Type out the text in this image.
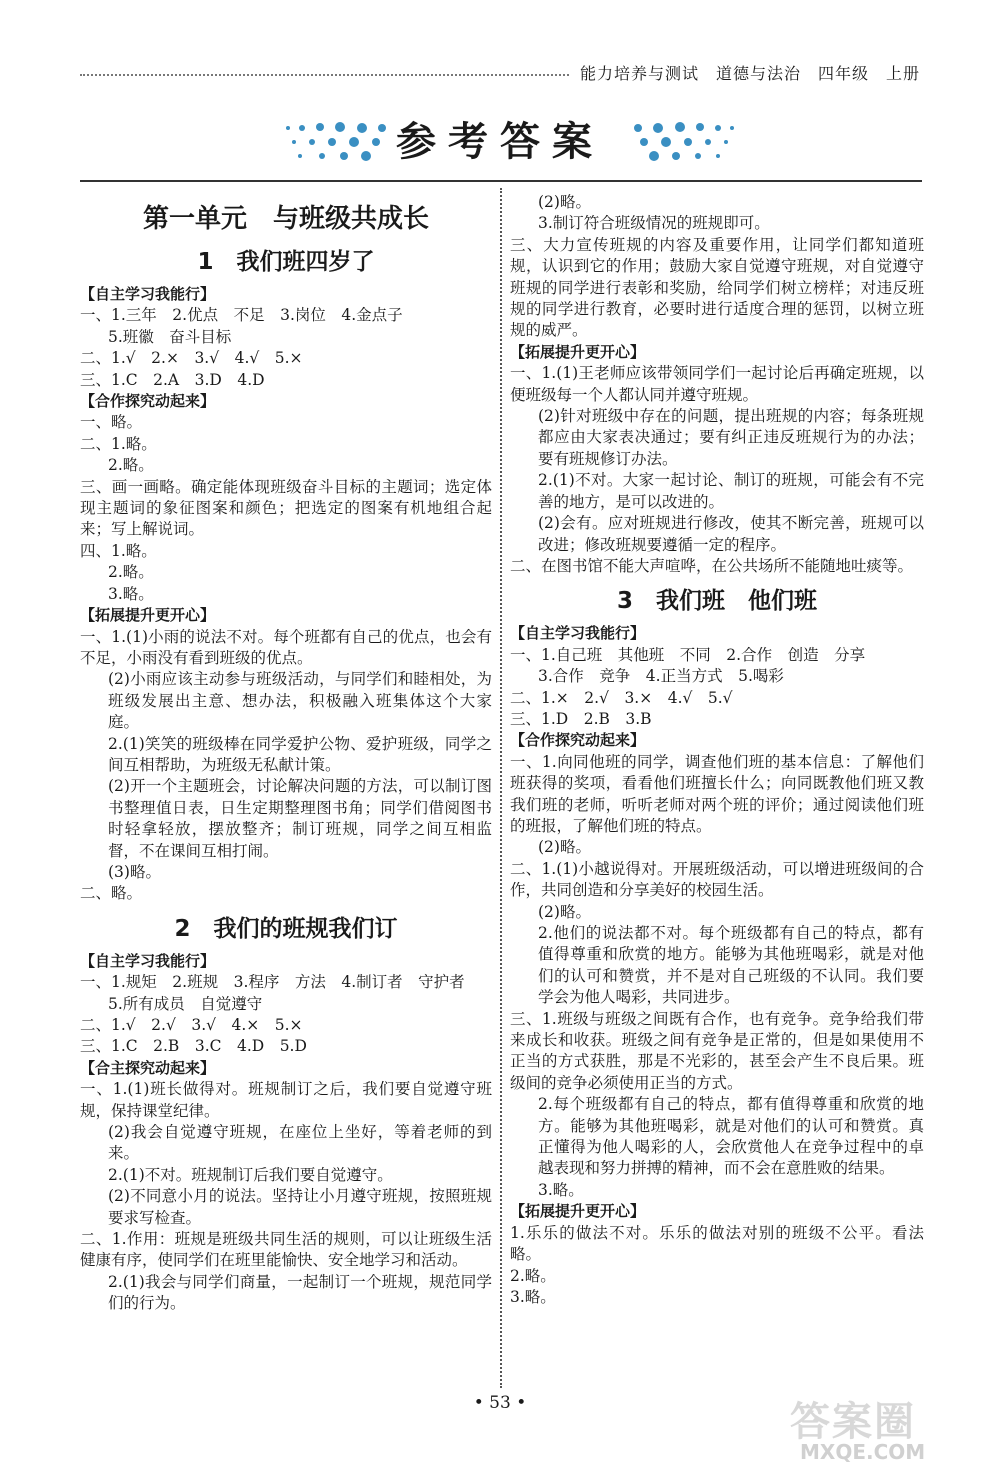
能力培养与测试　道德与法治　四年级　上册
参考答案
第一单元　与班级共成长
1　我们班四岁了

【自主学习我能行】

一、1.三年　2.优点　不足　3.岗位　4.金点子

5.班徽　奋斗目标

二、1.√　2.×　3.√　4.√　5.×

三、1.C　2.A　3.D　4.D

【合作探究动起来】

一、略。

二、1.略。

2.略。

三、画一画略。确定能体现班级奋斗目标的主题词；选定体现主题词的象征图案和颜色；把选定的图案有机地组合起来；写上解说词。

四、1.略。

2.略。

3.略。

【拓展提升更开心】

一、1.(1)小雨的说法不对。每个班都有自己的优点，也会有不足，小雨没有看到班级的优点。

(2)小雨应该主动参与班级活动，与同学们和睦相处，为班级发展出主意、想办法，积极融入班集体这个大家庭。

2.(1)笑笑的班级棒在同学爱护公物、爱护班级，同学之间互相帮助，为班级无私献计策。

(2)开一个主题班会，讨论解决问题的方法，可以制订图书整理值日表，日生定期整理图书角；同学们借阅图书时轻拿轻放，摆放整齐；制订班规，同学之间互相监督，不在课间互相打闹。

(3)略。

二、略。

2　我们的班规我们订

【自主学习我能行】

一、1.规矩　2.班规　3.程序　方法　4.制订者　守护者

5.所有成员　自觉遵守

二、1.√　2.√　3.√　4.×　5.×

三、1.C　2.B　3.C　4.D　5.D

【合主探究动起来】

一、1.(1)班长做得对。班规制订之后，我们要自觉遵守班规，保持课堂纪律。

(2)我会自觉遵守班规，在座位上坐好，等着老师的到来。

2.(1)不对。班规制订后我们要自觉遵守。

(2)不同意小月的说法。坚持让小月遵守班规，按照班规要求写检查。

二、1.作用：班规是班级共同生活的规则，可以让班级生活健康有序，使同学们在班里能愉快、安全地学习和活动。

2.(1)我会与同学们商量，一起制订一个班规，规范同学们的行为。

(2)略。

3.制订符合班级情况的班规即可。

三、大力宣传班规的内容及重要作用，让同学们都知道班规，认识到它的作用；鼓励大家自觉遵守班规，对自觉遵守班规的同学进行表彰和奖励，给同学们树立榜样；对违反班规的同学进行教育，必要时进行适度合理的惩罚，以树立班规的威严。

【拓展提升更开心】

一、1.(1)王老师应该带领同学们一起讨论后再确定班规，以便班级每一个人都认同并遵守班规。

(2)针对班级中存在的问题，提出班规的内容；每条班规都应由大家表决通过；要有纠正违反班规行为的办法；要有班规修订办法。

2.(1)不对。大家一起讨论、制订的班规，可能会有不完善的地方，是可以改进的。

(2)会有。应对班规进行修改，使其不断完善，班规可以改进；修改班规要遵循一定的程序。

二、在图书馆不能大声喧哗，在公共场所不能随地吐痰等。

3　我们班　他们班

【自主学习我能行】

一、1.自己班　其他班　不同　2.合作　创造　分享

3.合作　竞争　4.正当方式　5.喝彩

二、1.×　2.√　3.×　4.√　5.√

三、1.D　2.B　3.B

【合作探究动起来】

一、1.向同他班的同学，调查他们班的基本信息：了解他们班获得的奖项，看看他们班擅长什么；向同既教他们班又教我们班的老师，听听老师对两个班的评价；通过阅读他们班的班报，了解他们班的特点。

(2)略。

二、1.(1)小越说得对。开展班级活动，可以增进班级间的合作，共同创造和分享美好的校园生活。

(2)略。

2.他们的说法都不对。每个班级都有自己的特点，都有值得尊重和欣赏的地方。能够为其他班喝彩，就是对他们的认可和赞赏，并不是对自己班级的不认同。我们要学会为他人喝彩，共同进步。

三、1.班级与班级之间既有合作，也有竞争。竞争给我们带来成长和收获。班级之间有竞争是正常的，但是如果使用不正当的方式获胜，那是不光彩的，甚至会产生不良后果。班级间的竞争必须使用正当的方式。

2.每个班级都有自己的特点，都有值得尊重和欣赏的地方。能够为其他班喝彩，就是对他们的认可和赞赏。真正懂得为他人喝彩的人，会欣赏他人在竞争过程中的卓越表现和努力拼搏的精神，而不会在意胜败的结果。

3.略。

【拓展提升更开心】

1.乐乐的做法不对。乐乐的做法对别的班级不公平。看法略。

2.略。

3.略。

• 53 •	答案圈
MXQE.COM
